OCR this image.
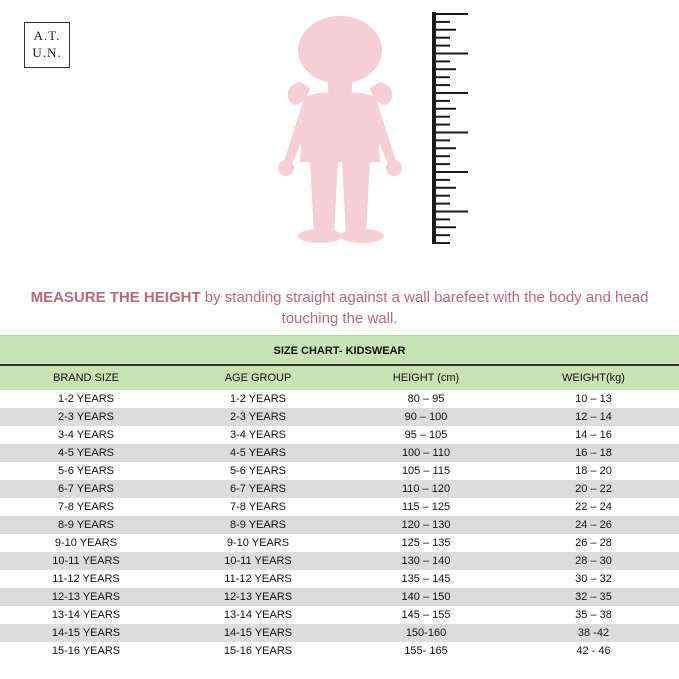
A.T.
U.N.
MEASURE THE HEIGHT by standing straight against a wall barefeet with the body and head touching the wall.
SIZE CHART- KIDSWEAR
BRAND SIZE	AGE GROUP	HEIGHT (cm)	WEIGHT(kg)
1-2 YEARS	1-2 YEARS	80 – 95	10 – 13
2-3 YEARS	2-3 YEARS	90 – 100	12 – 14
3-4 YEARS	3-4 YEARS	95 – 105	14 – 16
4-5 YEARS	4-5 YEARS	100 – 110	16 – 18
5-6 YEARS	5-6 YEARS	105 – 115	18 – 20
6-7 YEARS	6-7 YEARS	110 – 120	20 – 22
7-8 YEARS	7-8 YEARS	115 – 125	22 – 24
8-9 YEARS	8-9 YEARS	120 – 130	24 – 26
9-10 YEARS	9-10 YEARS	125 – 135	26 – 28
10-11 YEARS	10-11 YEARS	130 – 140	28 – 30
11-12 YEARS	11-12 YEARS	135 – 145	30 – 32
12-13 YEARS	12-13 YEARS	140 – 150	32 – 35
13-14 YEARS	13-14 YEARS	145 – 155	35 – 38
14-15 YEARS	14-15 YEARS	150-160	38 -42
15-16 YEARS	15-16 YEARS	155- 165	42 - 46
